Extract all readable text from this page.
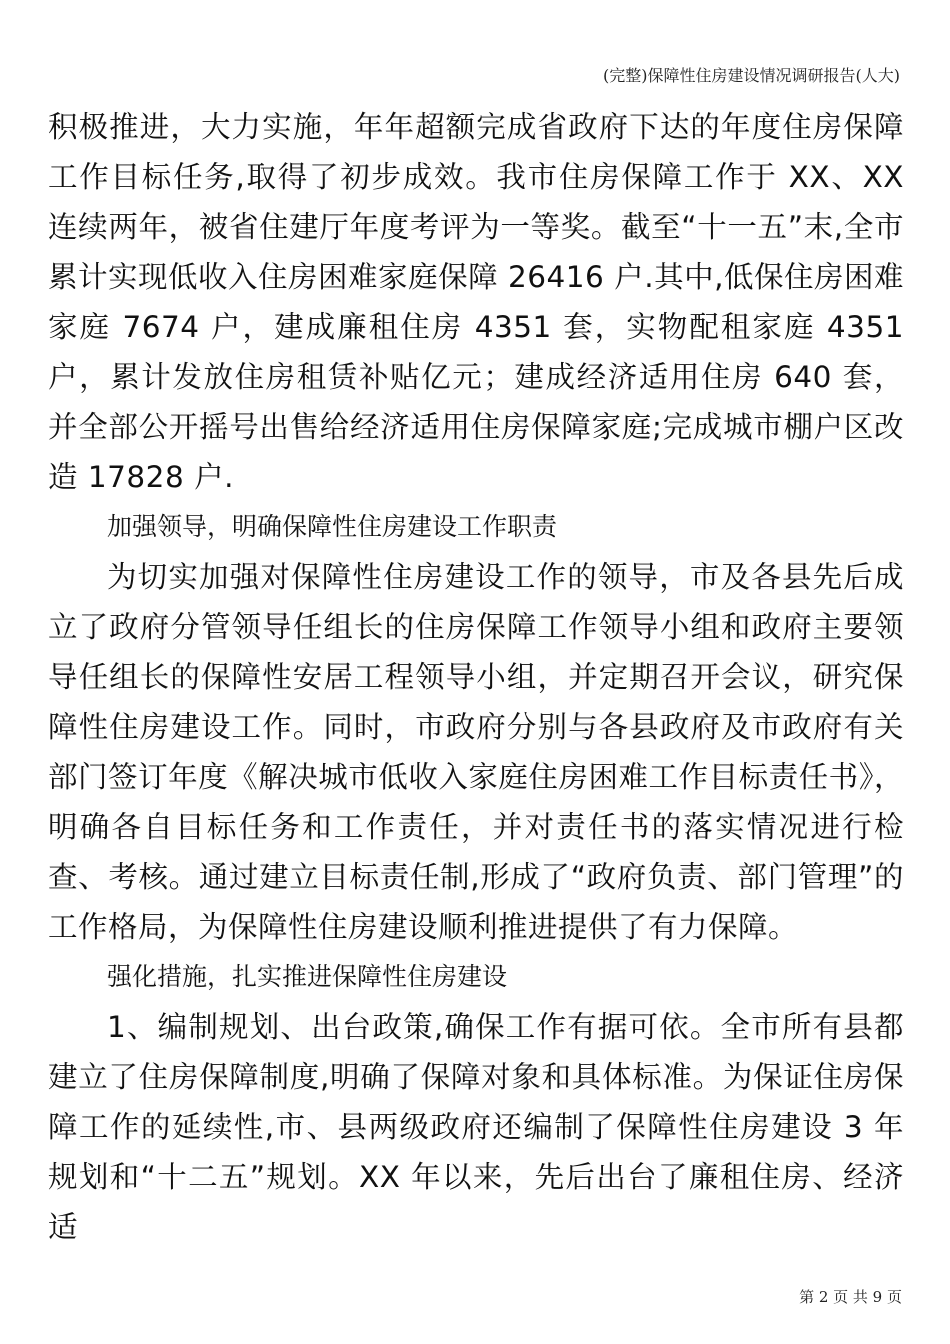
(完整)保障性住房建设情况调研报告(人大)

积极推进，大力实施，年年超额完成省政府下达的年度住房保障工作目标任务,取得了初步成效。我市住房保障工作于 XX、XX 连续两年，被省住建厅年度考评为一等奖。截至“十一五”末,全市累计实现低收入住房困难家庭保障 26416 户.其中,低保住房困难家庭 7674 户，建成廉租住房 4351 套，实物配租家庭 4351 户，累计发放住房租赁补贴亿元；建成经济适用住房 640 套，并全部公开摇号出售给经济适用住房保障家庭;完成城市棚户区改造 17828 户.

加强领导，明确保障性住房建设工作职责

为切实加强对保障性住房建设工作的领导，市及各县先后成立了政府分管领导任组长的住房保障工作领导小组和政府主要领导任组长的保障性安居工程领导小组，并定期召开会议，研究保障性住房建设工作。同时，市政府分别与各县政府及市政府有关部门签订年度《解决城市低收入家庭住房困难工作目标责任书》，明确各自目标任务和工作责任，并对责任书的落实情况进行检查、考核。通过建立目标责任制,形成了“政府负责、部门管理”的工作格局，为保障性住房建设顺利推进提供了有力保障。

强化措施，扎实推进保障性住房建设

1、编制规划、出台政策,确保工作有据可依。全市所有县都建立了住房保障制度,明确了保障对象和具体标准。为保证住房保障工作的延续性,市、县两级政府还编制了保障性住房建设 3 年规划和“十二五”规划。XX 年以来，先后出台了廉租住房、经济适

第 2 页 共 9 页
